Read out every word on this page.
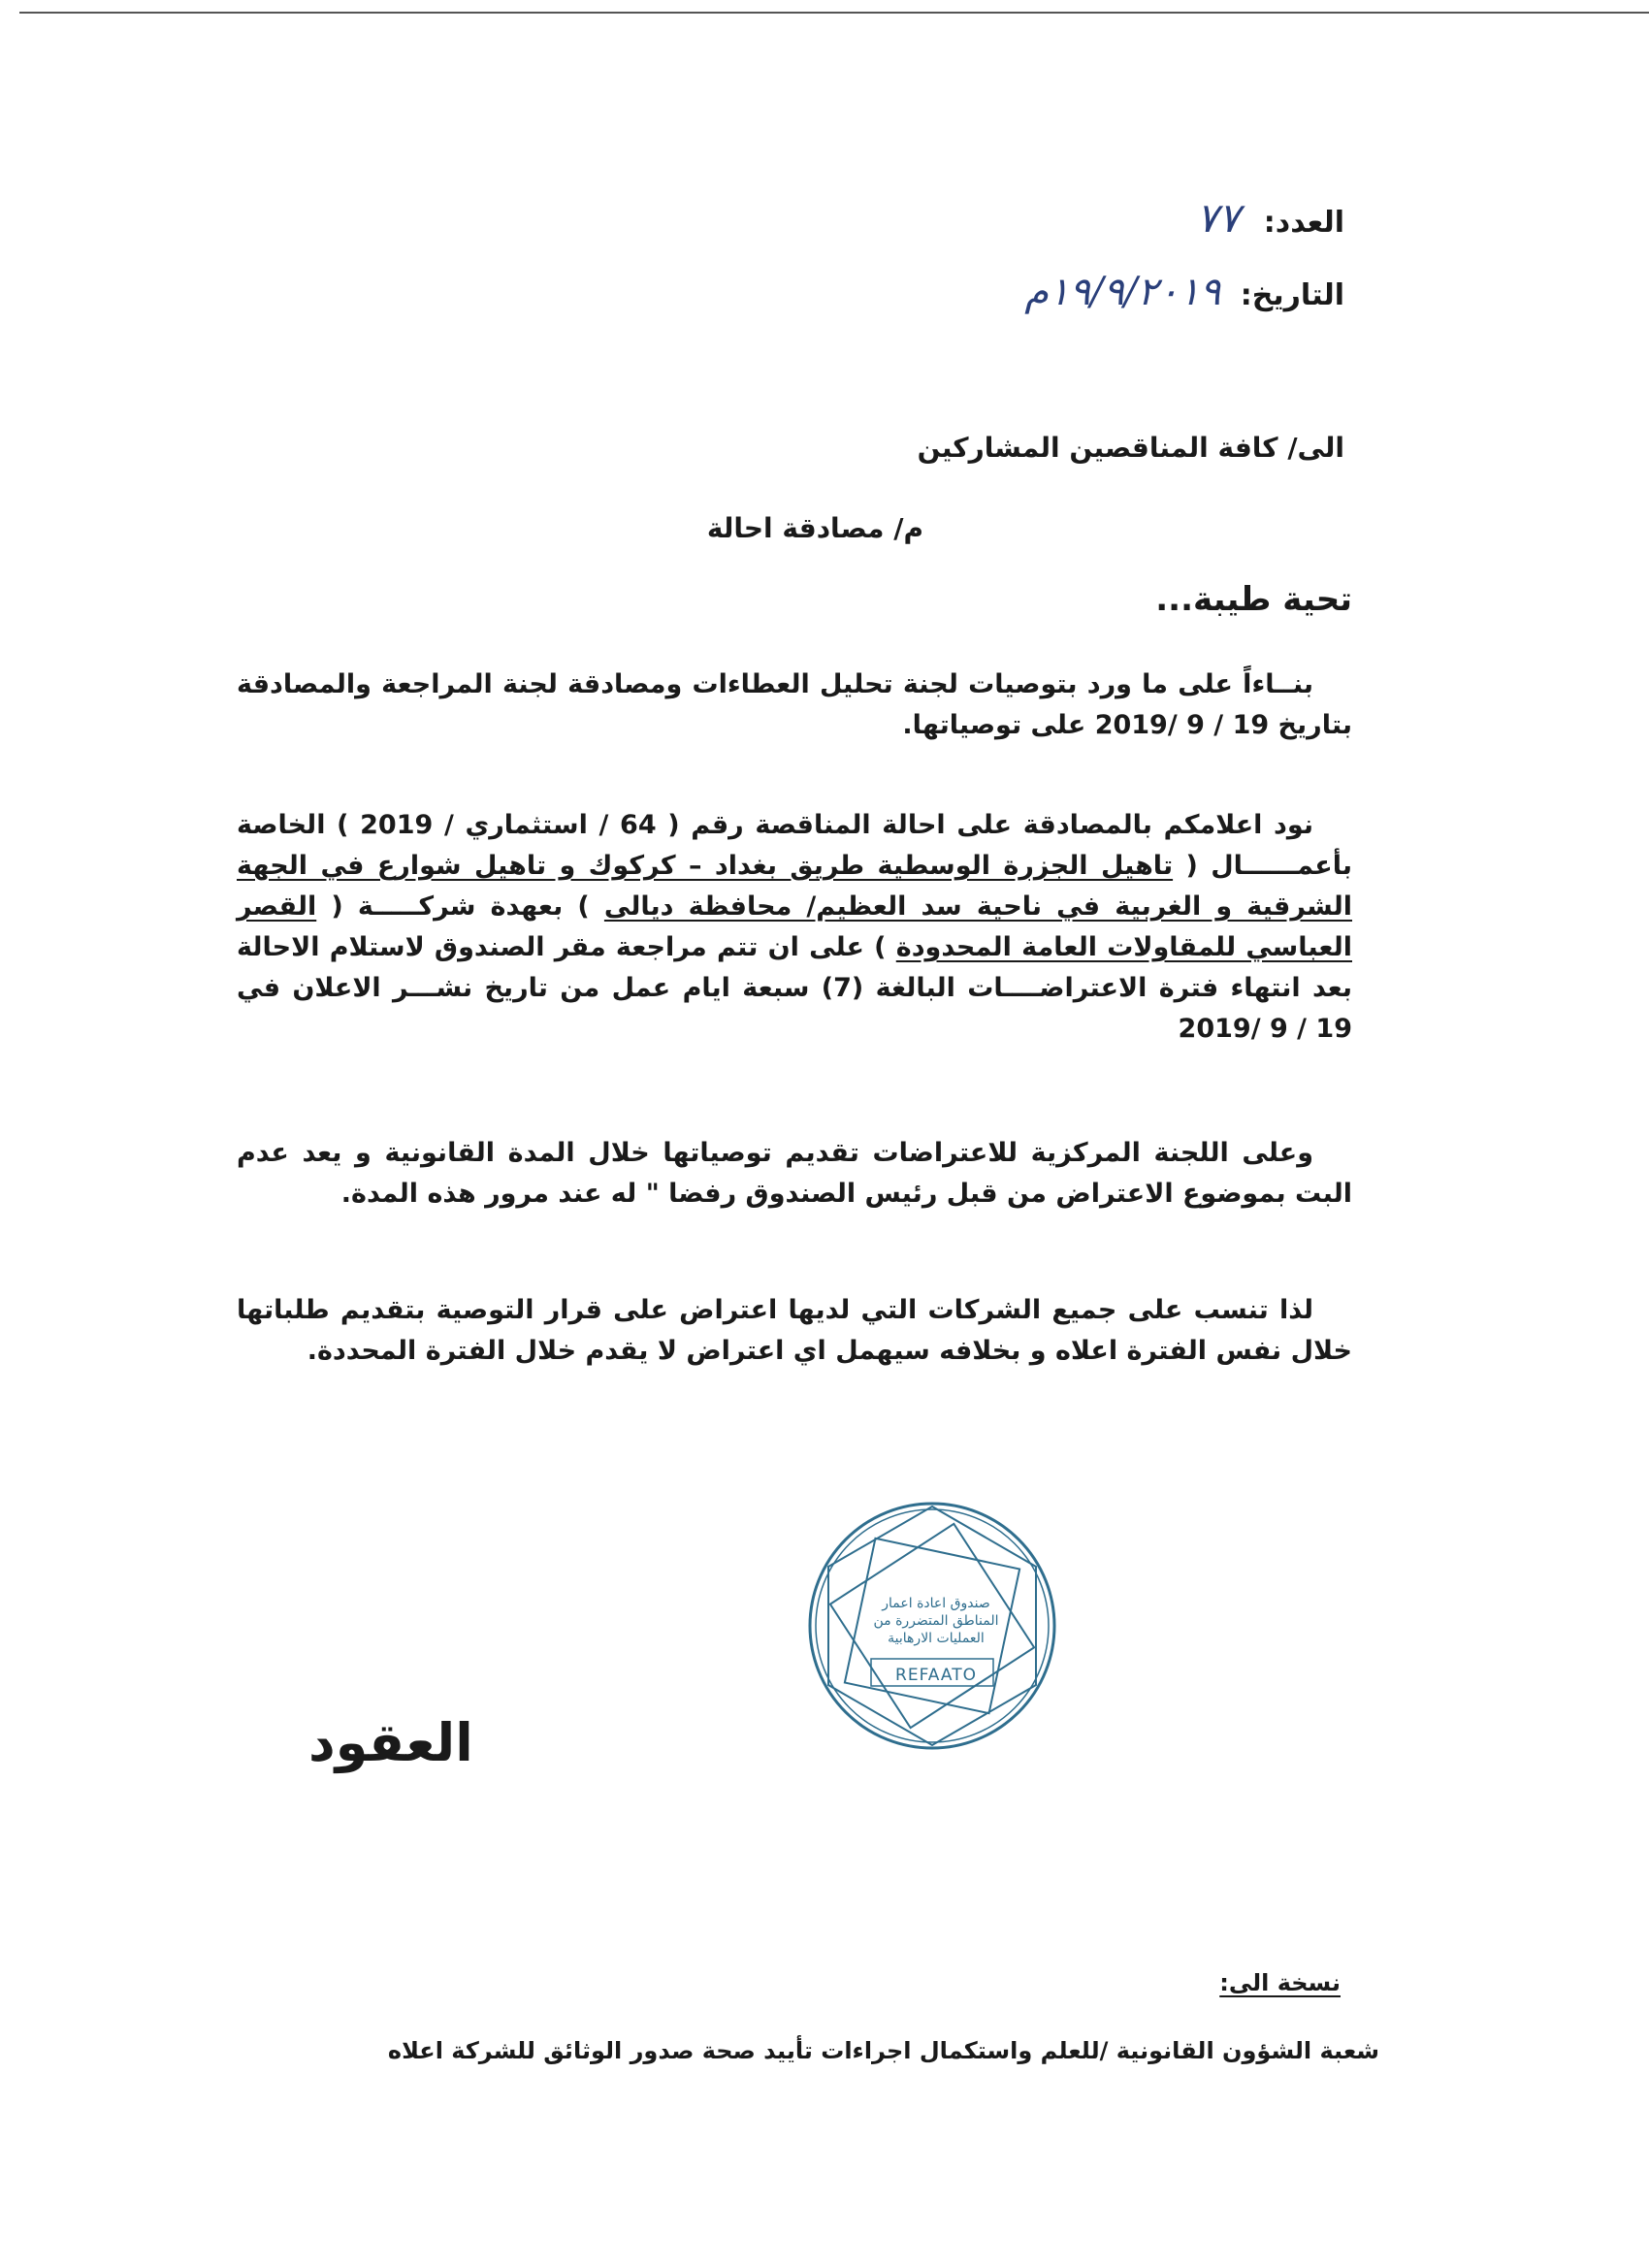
العدد: ٧٧
التاريخ: ١٩/٩/٢٠١٩م
الى/ كافة المناقصين المشاركين
م/ مصادقة احالة
تحية طيبة...
بنــاءاً على ما ورد بتوصيات لجنة تحليل العطاءات ومصادقة لجنة المراجعة والمصادقة بتاريخ 19 / 9 /2019 على توصياتها.
نود اعلامكم بالمصادقة على احالة المناقصة رقم ( 64 / استثماري / 2019 ) الخاصة بأعمــــــال ( تاهيل الجزرة الوسطية طريق بغداد – كركوك و تاهيل شوارع في الجهة الشرقية و الغربية في ناحية سد العظيم/ محافظة ديالى ) بعهدة شركـــــة ( القصر العباسي للمقاولات العامة المحدودة ) على ان تتم مراجعة مقر الصندوق لاستلام الاحالة بعد انتهاء فترة الاعتراضــــات البالغة (7) سبعة ايام عمل من تاريخ نشـــر الاعلان في 19 / 9 /2019
وعلى اللجنة المركزية للاعتراضات تقديم توصياتها خلال المدة القانونية و يعد عدم البت بموضوع الاعتراض من قبل رئيس الصندوق رفضا " له عند مرور هذه المدة.
لذا تنسب على جميع الشركات التي لديها اعتراض على قرار التوصية بتقديم طلباتها خلال نفس الفترة اعلاه و بخلافه سيهمل اي اعتراض لا يقدم خلال الفترة المحددة.
صندوق اعادة اعمار
المناطق المتضررة من
العمليات الارهابية
REFAATO
العقود
نسخة الى:
شعبة الشؤون القانونية /للعلم واستكمال اجراءات تأييد صحة صدور الوثائق للشركة اعلاه
